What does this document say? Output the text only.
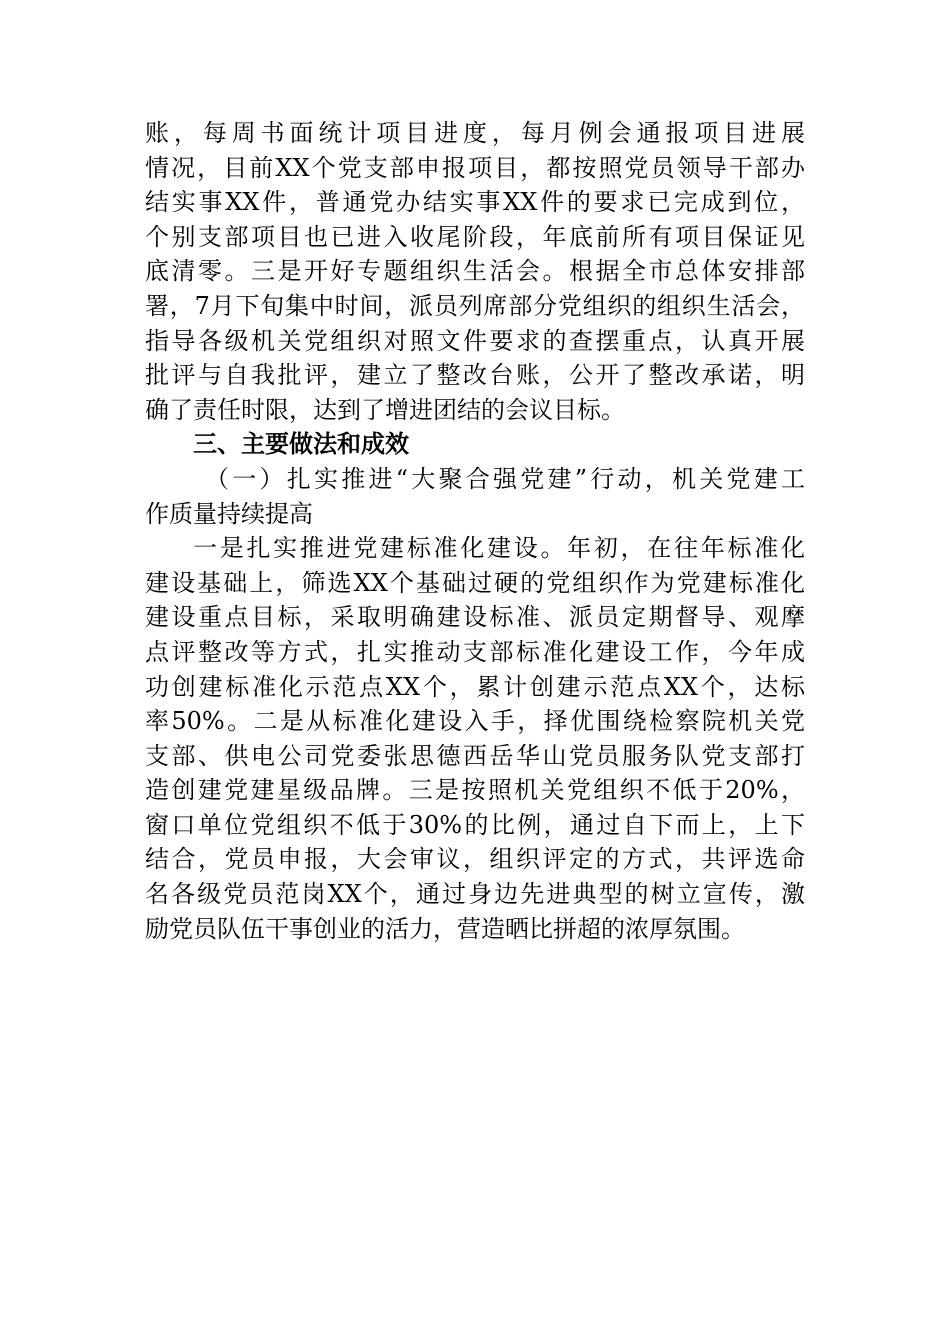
账，每周书面统计项目进度，每月例会通报项目进展
情况，目前XX个党支部申报项目，都按照党员领导干部办
结实事XX件，普通党办结实事XX件的要求已完成到位，
个别支部项目也已进入收尾阶段，年底前所有项目保证见
底清零。三是开好专题组织生活会。根据全市总体安排部
署，7月下旬集中时间，派员列席部分党组织的组织生活会，
指导各级机关党组织对照文件要求的查摆重点，认真开展
批评与自我批评，建立了整改台账，公开了整改承诺，明
确了责任时限，达到了增进团结的会议目标。
三、主要做法和成效
（一）扎实推进“大聚合强党建”行动，机关党建工
作质量持续提高
一是扎实推进党建标准化建设。年初，在往年标准化
建设基础上，筛选XX个基础过硬的党组织作为党建标准化
建设重点目标，采取明确建设标准、派员定期督导、观摩
点评整改等方式，扎实推动支部标准化建设工作，今年成
功创建标准化示范点XX个，累计创建示范点XX个，达标
率50%。二是从标准化建设入手，择优围绕检察院机关党
支部、供电公司党委张思德西岳华山党员服务队党支部打
造创建党建星级品牌。三是按照机关党组织不低于20%，
窗口单位党组织不低于30%的比例，通过自下而上，上下
结合，党员申报，大会审议，组织评定的方式，共评选命
名各级党员范岗XX个，通过身边先进典型的树立宣传，激
励党员队伍干事创业的活力，营造晒比拼超的浓厚氛围。
